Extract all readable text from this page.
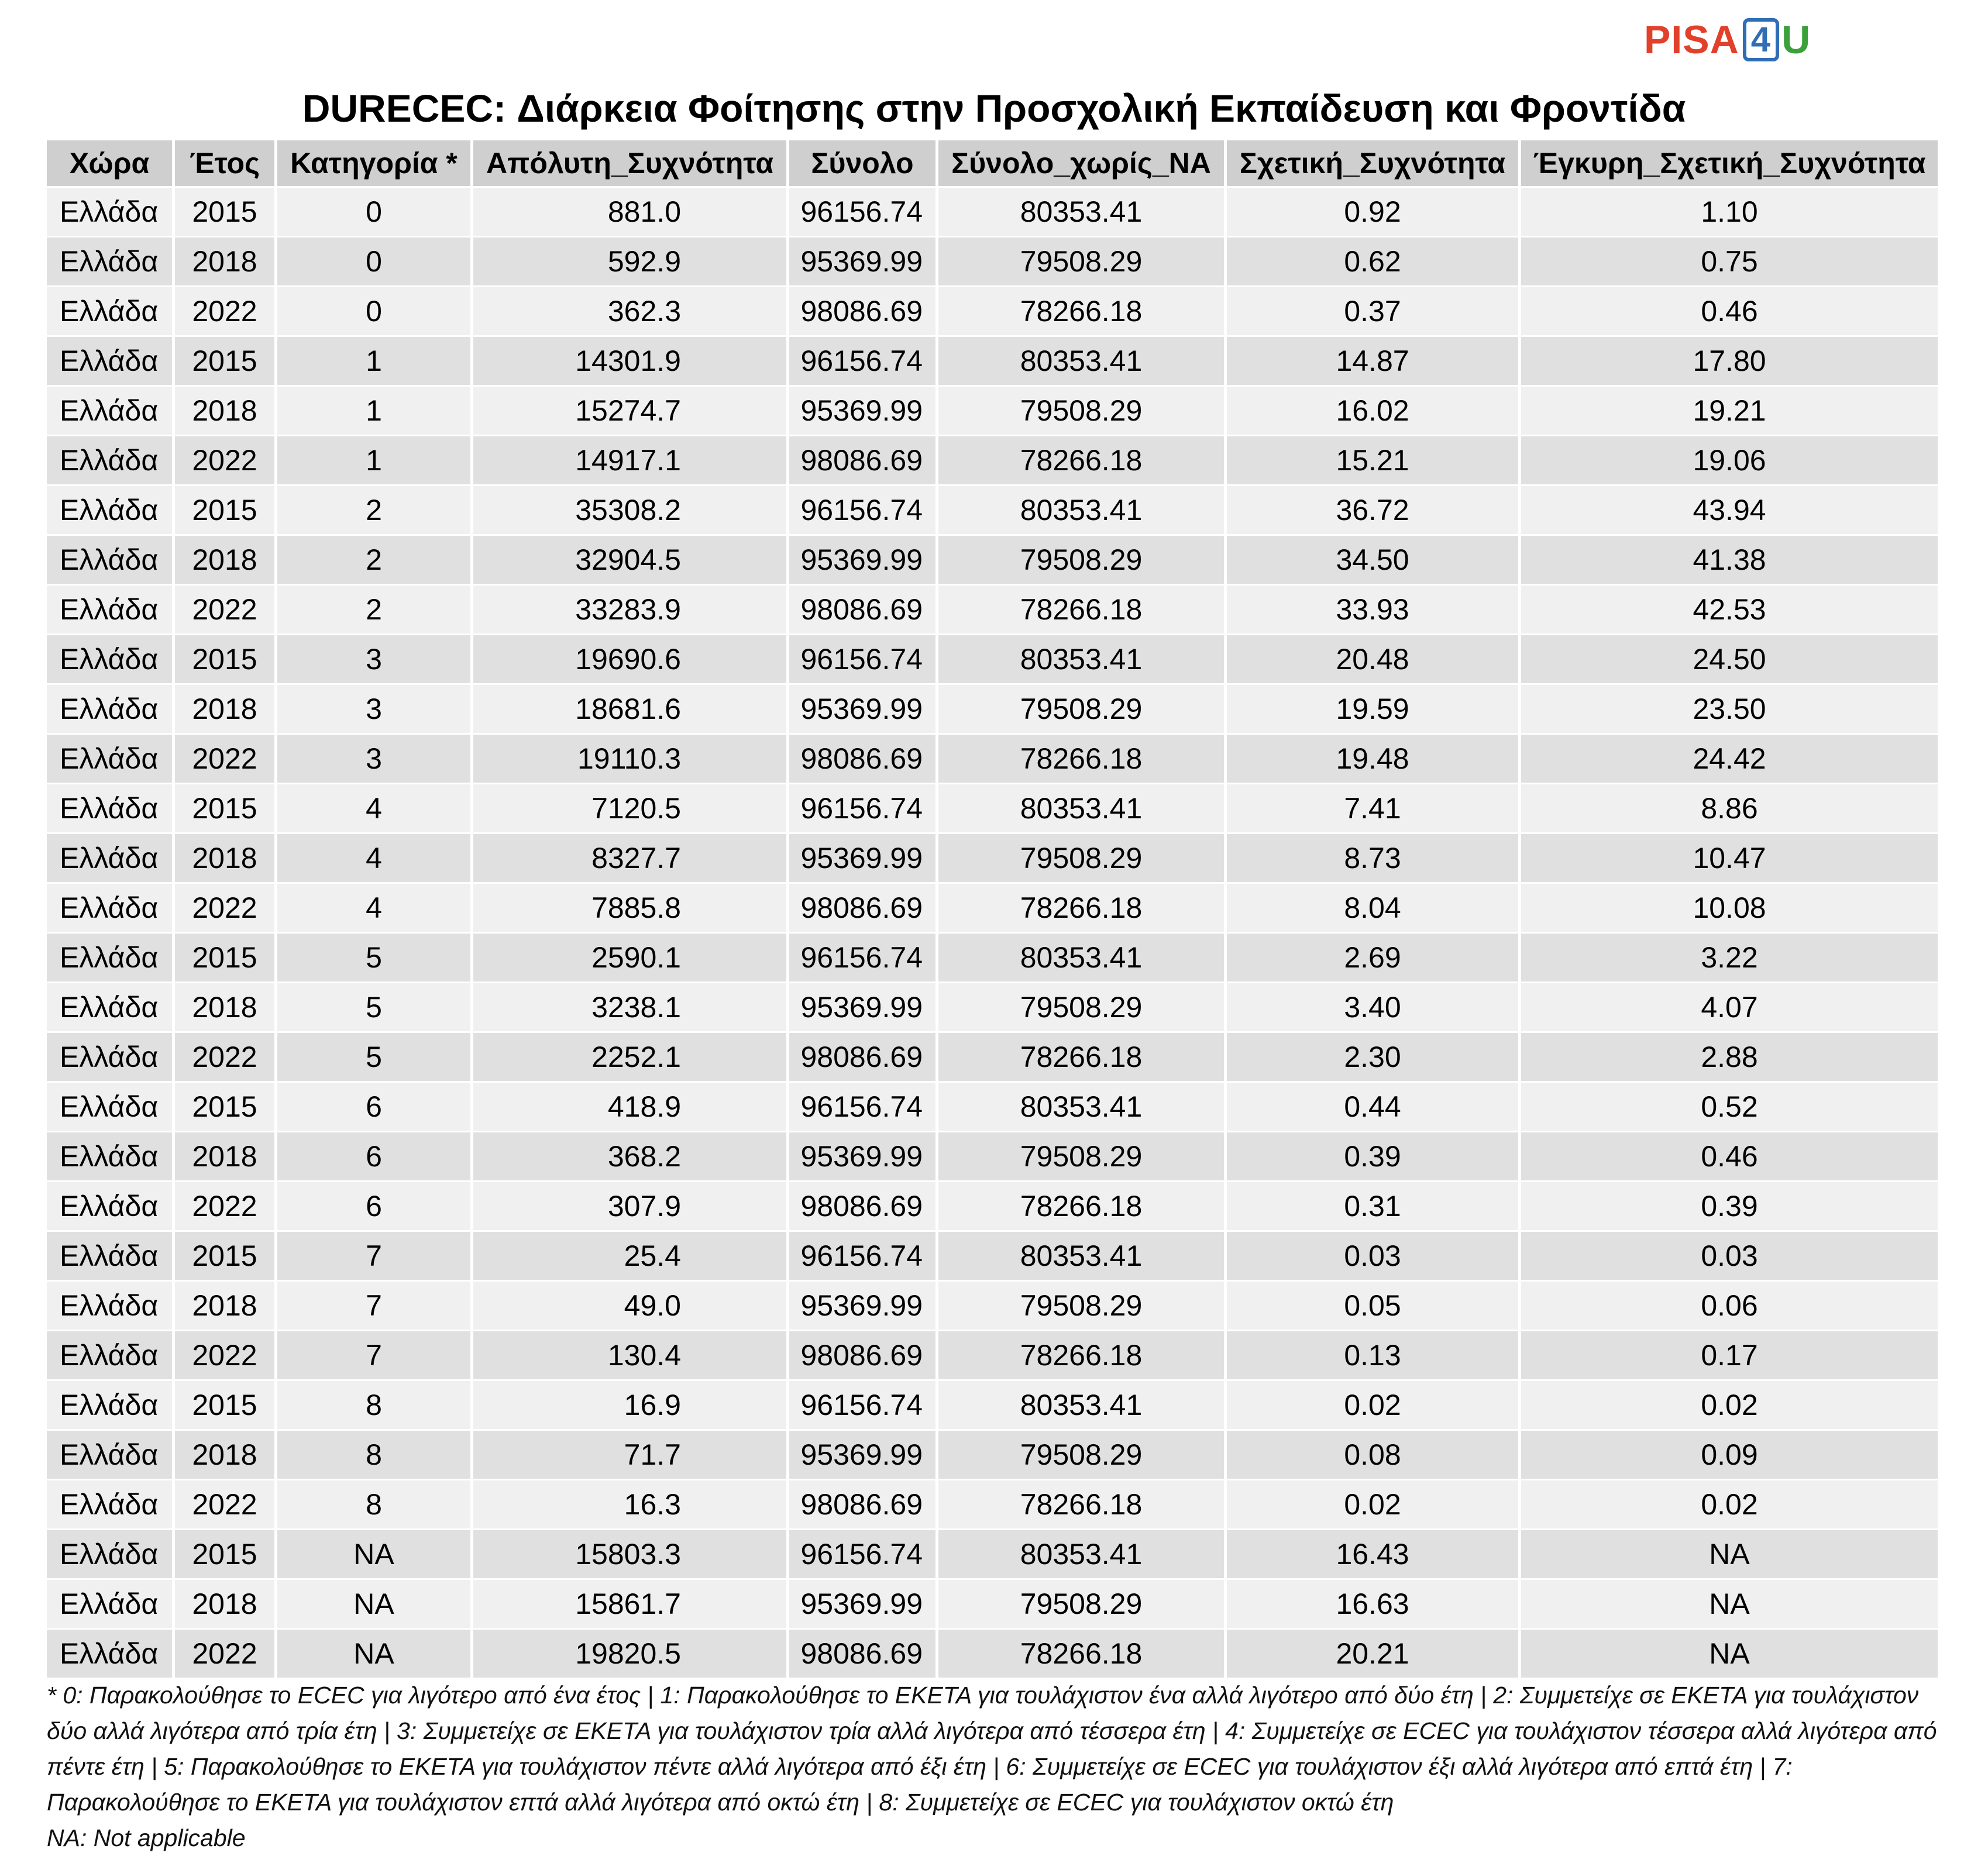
PISA 4 U
DURECEC: Διάρκεια Φοίτησης στην Προσχολική Εκπαίδευση και Φροντίδα
Χώρα	Έτος	Κατηγορία *	Απόλυτη_Συχνότητα	Σύνολο	Σύνολο_χωρίς_NA	Σχετική_Συχνότητα	Έγκυρη_Σχετική_Συχνότητα
Ελλάδα	2015	0	881.0	96156.74	80353.41	0.92	1.10
Ελλάδα	2018	0	592.9	95369.99	79508.29	0.62	0.75
Ελλάδα	2022	0	362.3	98086.69	78266.18	0.37	0.46
Ελλάδα	2015	1	14301.9	96156.74	80353.41	14.87	17.80
Ελλάδα	2018	1	15274.7	95369.99	79508.29	16.02	19.21
Ελλάδα	2022	1	14917.1	98086.69	78266.18	15.21	19.06
Ελλάδα	2015	2	35308.2	96156.74	80353.41	36.72	43.94
Ελλάδα	2018	2	32904.5	95369.99	79508.29	34.50	41.38
Ελλάδα	2022	2	33283.9	98086.69	78266.18	33.93	42.53
Ελλάδα	2015	3	19690.6	96156.74	80353.41	20.48	24.50
Ελλάδα	2018	3	18681.6	95369.99	79508.29	19.59	23.50
Ελλάδα	2022	3	19110.3	98086.69	78266.18	19.48	24.42
Ελλάδα	2015	4	7120.5	96156.74	80353.41	7.41	8.86
Ελλάδα	2018	4	8327.7	95369.99	79508.29	8.73	10.47
Ελλάδα	2022	4	7885.8	98086.69	78266.18	8.04	10.08
Ελλάδα	2015	5	2590.1	96156.74	80353.41	2.69	3.22
Ελλάδα	2018	5	3238.1	95369.99	79508.29	3.40	4.07
Ελλάδα	2022	5	2252.1	98086.69	78266.18	2.30	2.88
Ελλάδα	2015	6	418.9	96156.74	80353.41	0.44	0.52
Ελλάδα	2018	6	368.2	95369.99	79508.29	0.39	0.46
Ελλάδα	2022	6	307.9	98086.69	78266.18	0.31	0.39
Ελλάδα	2015	7	25.4	96156.74	80353.41	0.03	0.03
Ελλάδα	2018	7	49.0	95369.99	79508.29	0.05	0.06
Ελλάδα	2022	7	130.4	98086.69	78266.18	0.13	0.17
Ελλάδα	2015	8	16.9	96156.74	80353.41	0.02	0.02
Ελλάδα	2018	8	71.7	95369.99	79508.29	0.08	0.09
Ελλάδα	2022	8	16.3	98086.69	78266.18	0.02	0.02
Ελλάδα	2015	NA	15803.3	96156.74	80353.41	16.43	NA
Ελλάδα	2018	NA	15861.7	95369.99	79508.29	16.63	NA
Ελλάδα	2022	NA	19820.5	98086.69	78266.18	20.21	NA
* 0: Παρακολούθησε το ECEC για λιγότερο από ένα έτος | 1: Παρακολούθησε το ΕΚΕΤΑ για τουλάχιστον ένα αλλά λιγότερο από δύο έτη | 2: Συμμετείχε σε ΕΚΕΤΑ για τουλάχιστον δύο αλλά λιγότερα από τρία έτη | 3: Συμμετείχε σε ΕΚΕΤΑ για τουλάχιστον τρία αλλά λιγότερα από τέσσερα έτη | 4: Συμμετείχε σε ECEC για τουλάχιστον τέσσερα αλλά λιγότερα από πέντε έτη | 5: Παρακολούθησε το ΕΚΕΤΑ για τουλάχιστον πέντε αλλά λιγότερα από έξι έτη | 6: Συμμετείχε σε ECEC για τουλάχιστον έξι αλλά λιγότερα από επτά έτη | 7: Παρακολούθησε το ΕΚΕΤΑ για τουλάχιστον επτά αλλά λιγότερα από οκτώ έτη | 8: Συμμετείχε σε ECEC για τουλάχιστον οκτώ έτη
NA: Not applicable
